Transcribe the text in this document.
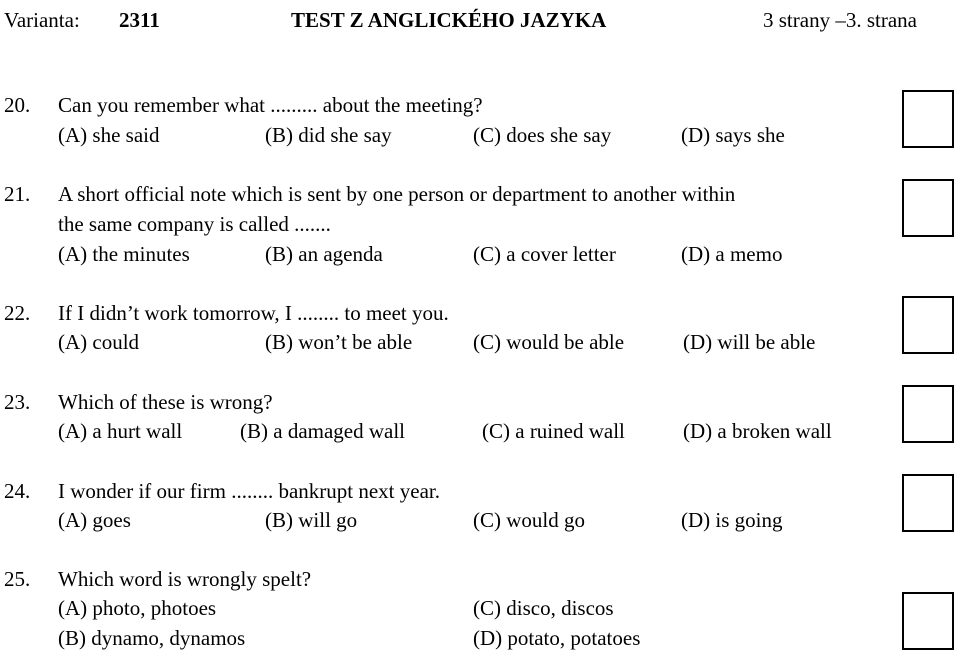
Varianta: 2311	TEST Z ANGLICKÉHO JAZYKA	3 strany –3. strana
20. Can you remember what ......... about the meeting?
(A) she said	(B) did she say	(C) does she say	(D) says she
21. A short official note which is sent by one person or department to another within
the same company is called .......
(A) the minutes	(B) an agenda	(C) a cover letter	(D) a memo
22. If I didn’t work tomorrow, I ........ to meet you.
(A) could	(B) won’t be able	(C) would be able	(D) will be able
23. Which of these is wrong?
(A) a hurt wall	(B) a damaged wall	(C) a ruined wall	(D) a broken wall
24. I wonder if our firm ........ bankrupt next year.
(A) goes	(B) will go	(C) would go	(D) is going
25. Which word is wrongly spelt?
(A) photo, photoes	(C) disco, discos
(B) dynamo, dynamos	(D) potato, potatoes
